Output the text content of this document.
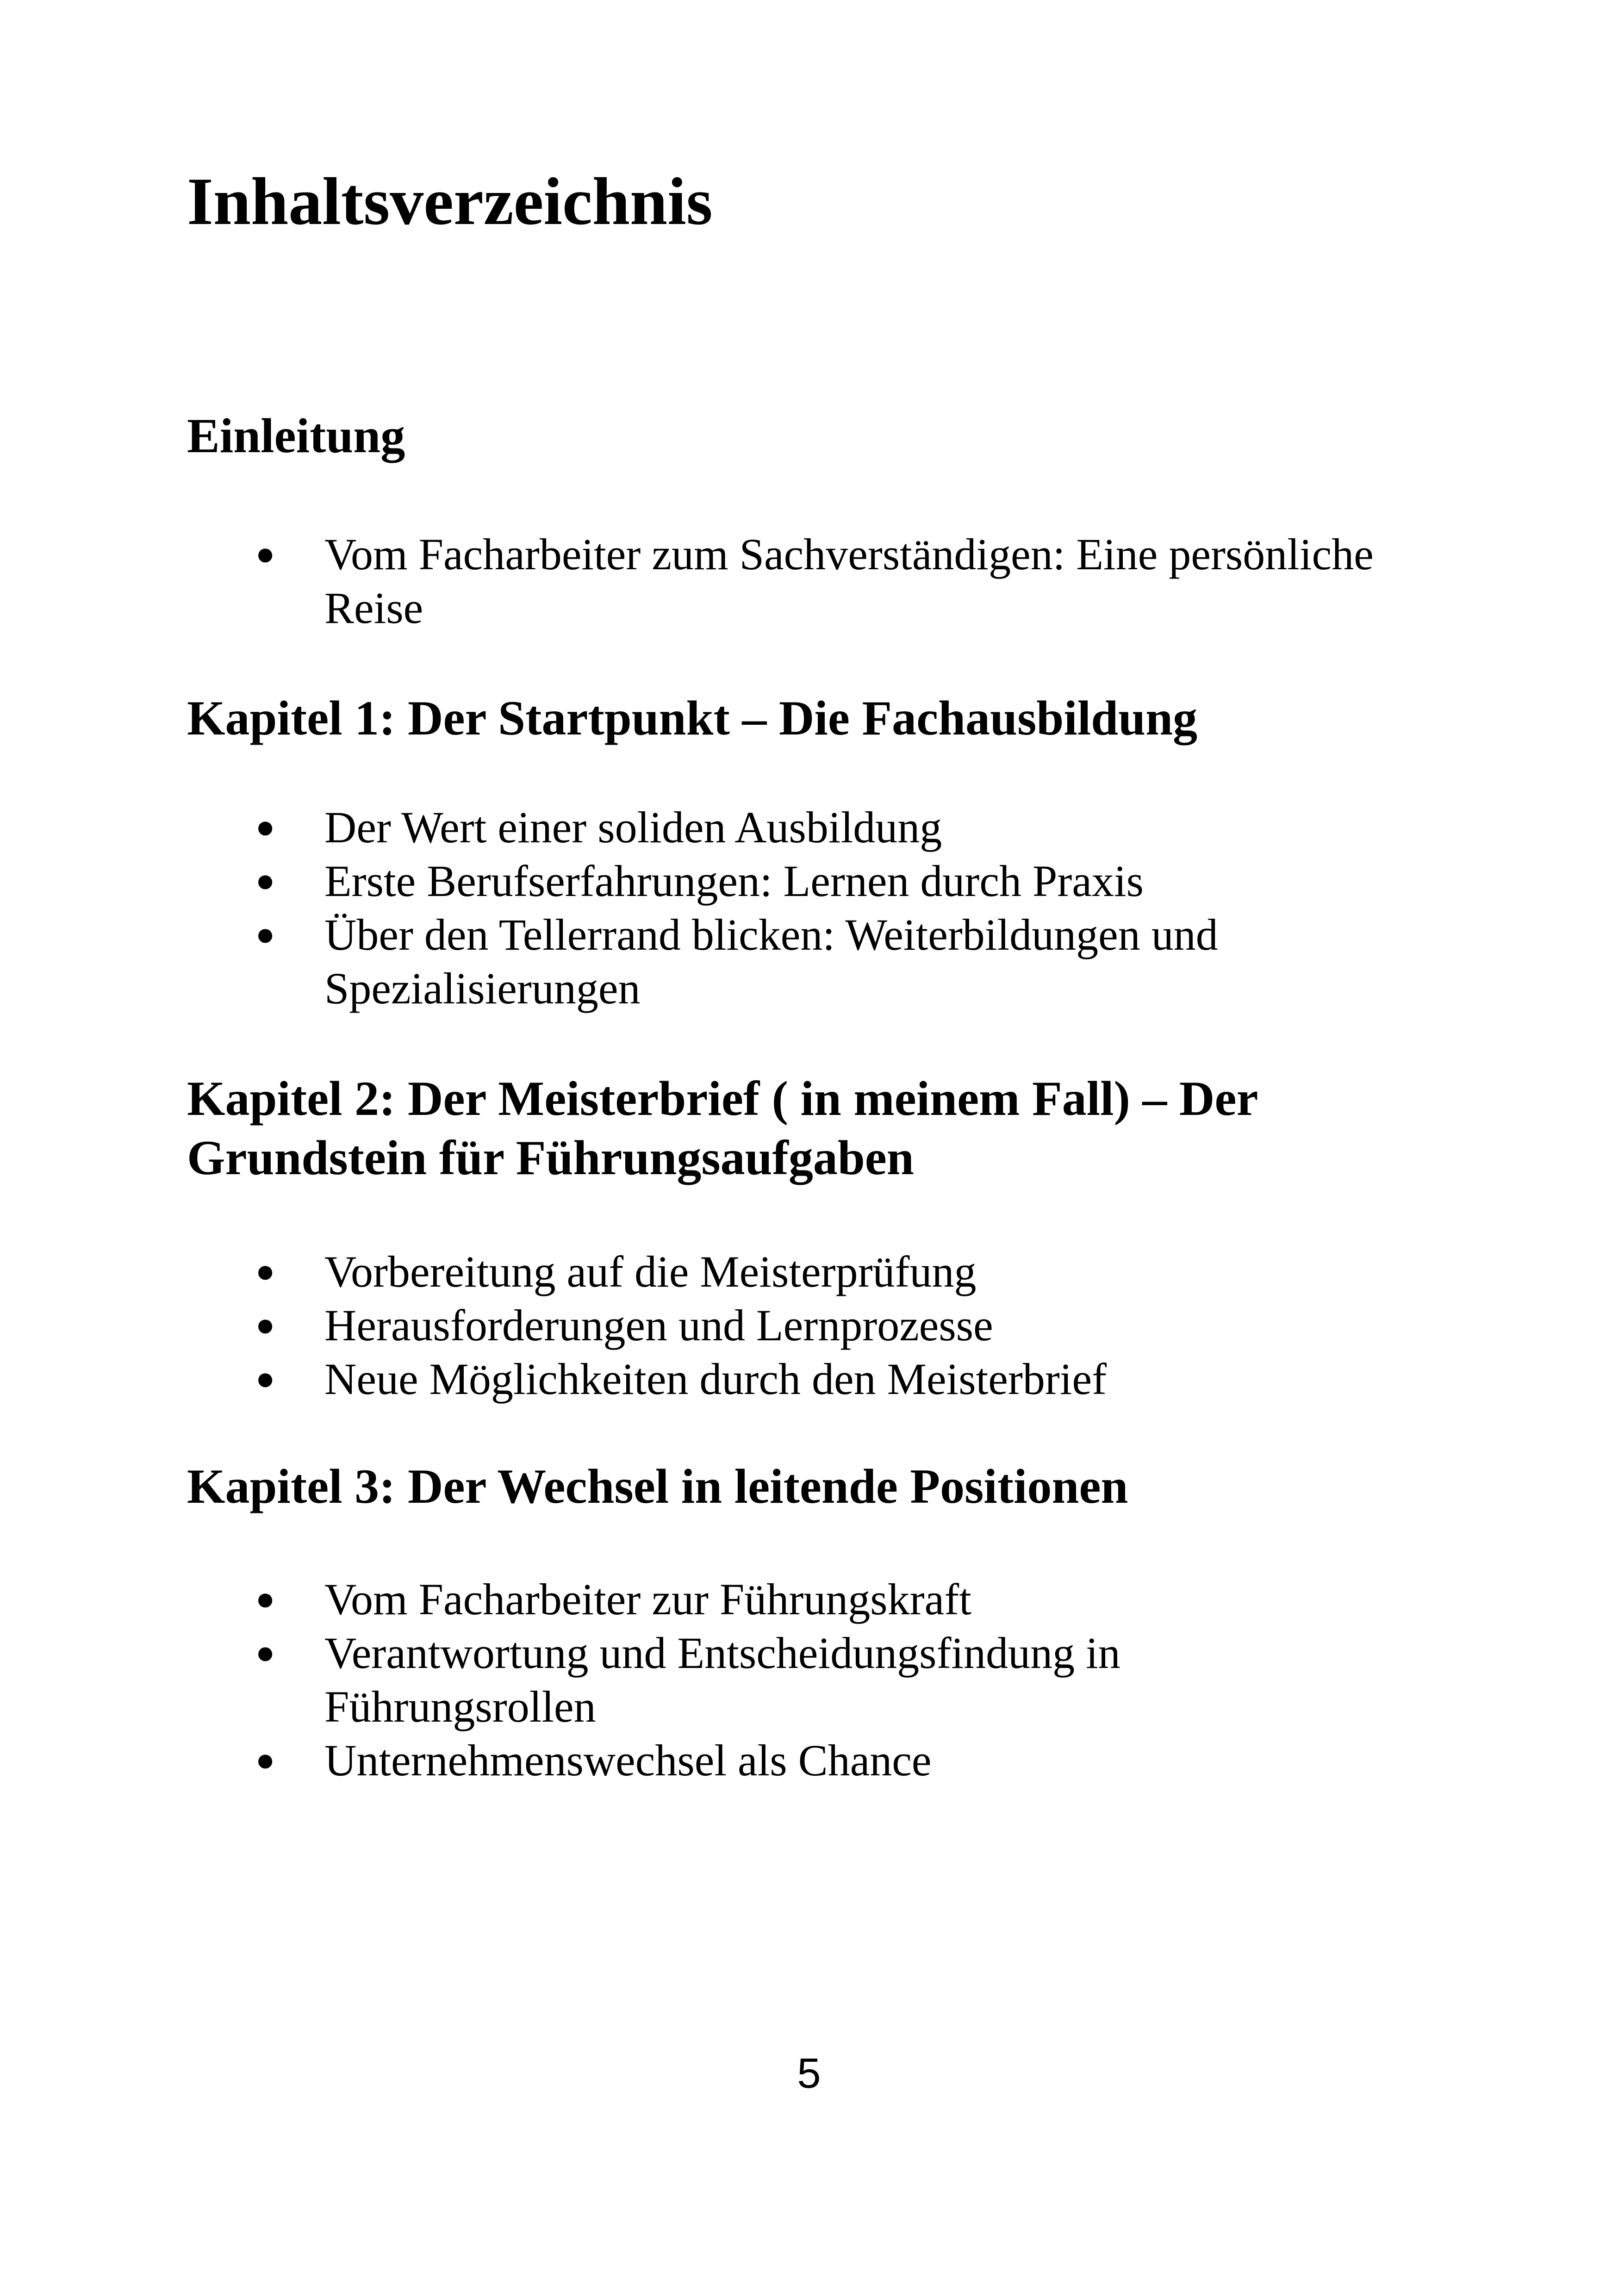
Inhaltsverzeichnis
Einleitung
● Vom Facharbeiter zum Sachverständigen: Eine persönliche Reise
Kapitel 1: Der Startpunkt – Die Fachausbildung
● Der Wert einer soliden Ausbildung
● Erste Berufserfahrungen: Lernen durch Praxis
● Über den Tellerrand blicken: Weiterbildungen und Spezialisierungen
Kapitel 2: Der Meisterbrief ( in meinem Fall) – Der Grundstein für Führungsaufgaben
● Vorbereitung auf die Meisterprüfung
● Herausforderungen und Lernprozesse
● Neue Möglichkeiten durch den Meisterbrief
Kapitel 3: Der Wechsel in leitende Positionen
● Vom Facharbeiter zur Führungskraft
● Verantwortung und Entscheidungsfindung in Führungsrollen
● Unternehmenswechsel als Chance
5
